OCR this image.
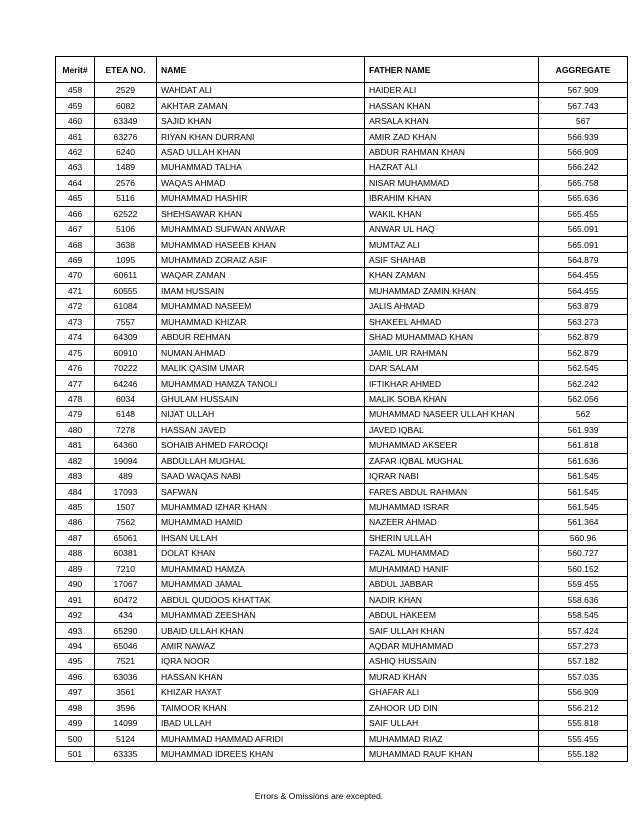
Merit#	ETEA NO.	NAME	FATHER NAME	AGGREGATE
458	2529	WAHDAT ALI	HAIDER ALI	567.909
459	6082	AKHTAR ZAMAN	HASSAN KHAN	567.743
460	63349	SAJID KHAN	ARSALA KHAN	567
461	63276	RIYAN KHAN DURRANI	AMIR ZAD KHAN	566.939
462	6240	ASAD ULLAH KHAN	ABDUR RAHMAN KHAN	566.909
463	1489	MUHAMMAD TALHA	HAZRAT ALI	566.242
464	2576	WAQAS AHMAD	NISAR MUHAMMAD	565.758
465	5116	MUHAMMAD HASHIR	IBRAHIM KHAN	565.636
466	62522	SHEHSAWAR KHAN	WAKIL KHAN	565.455
467	5106	MUHAMMAD SUFWAN ANWAR	ANWAR UL HAQ	565.091
468	3638	MUHAMMAD HASEEB KHAN	MUMTAZ ALI	565.091
469	1095	MUHAMMAD ZORAIZ ASIF	ASIF SHAHAB	564.879
470	60611	WAQAR ZAMAN	KHAN ZAMAN	564.455
471	60555	IMAM HUSSAIN	MUHAMMAD ZAMIN KHAN	564.455
472	61084	MUHAMMAD NASEEM	JALIS AHMAD	563.879
473	7557	MUHAMMAD KHIZAR	SHAKEEL AHMAD	563.273
474	64309	ABDUR REHMAN	SHAD MUHAMMAD KHAN	562.879
475	60910	NUMAN AHMAD	JAMIL UR RAHMAN	562.879
476	70222	MALIK QASIM UMAR	DAR SALAM	562.545
477	64246	MUHAMMAD HAMZA TANOLI	IFTIKHAR AHMED	562.242
478	6034	GHULAM HUSSAIN	MALIK SOBA KHAN	562.056
479	6148	NIJAT ULLAH	MUHAMMAD NASEER ULLAH KHAN	562
480	7278	HASSAN JAVED	JAVED IQBAL	561.939
481	64360	SOHAIB AHMED FAROOQI	MUHAMMAD AKSEER	561.818
482	19094	ABDULLAH MUGHAL	ZAFAR IQBAL MUGHAL	561.636
483	489	SAAD WAQAS NABI	IQRAR NABI	561.545
484	17093	SAFWAN	FARES ABDUL RAHMAN	561.545
485	1507	MUHAMMAD IZHAR KHAN	MUHAMMAD ISRAR	561.545
486	7562	MUHAMMAD HAMID	NAZEER AHMAD	561.364
487	65061	IHSAN ULLAH	SHERIN ULLAH	560.96
488	60381	DOLAT KHAN	FAZAL MUHAMMAD	560.727
489	7210	MUHAMMAD HAMZA	MUHAMMAD HANIF	560.152
490	17067	MUHAMMAD JAMAL	ABDUL JABBAR	559.455
491	60472	ABDUL QUDOOS KHATTAK	NADIR KHAN	558.636
492	434	MUHAMMAD ZEESHAN	ABDUL HAKEEM	558.545
493	65290	UBAID ULLAH KHAN	SAIF ULLAH KHAN	557.424
494	65046	AMIR NAWAZ	AQDAR MUHAMMAD	557.273
495	7521	IQRA NOOR	ASHIQ HUSSAIN	557.182
496	63036	HASSAN KHAN	MURAD KHAN	557.035
497	3561	KHIZAR HAYAT	GHAFAR ALI	556.909
498	3596	TAIMOOR KHAN	ZAHOOR UD DIN	556.212
499	14099	IBAD ULLAH	SAIF ULLAH	555.818
500	5124	MUHAMMAD HAMMAD AFRIDI	MUHAMMAD RIAZ	555.455
501	63335	MUHAMMAD IDREES KHAN	MUHAMMAD RAUF KHAN	555.182
Errors & Omissions are excepted.
